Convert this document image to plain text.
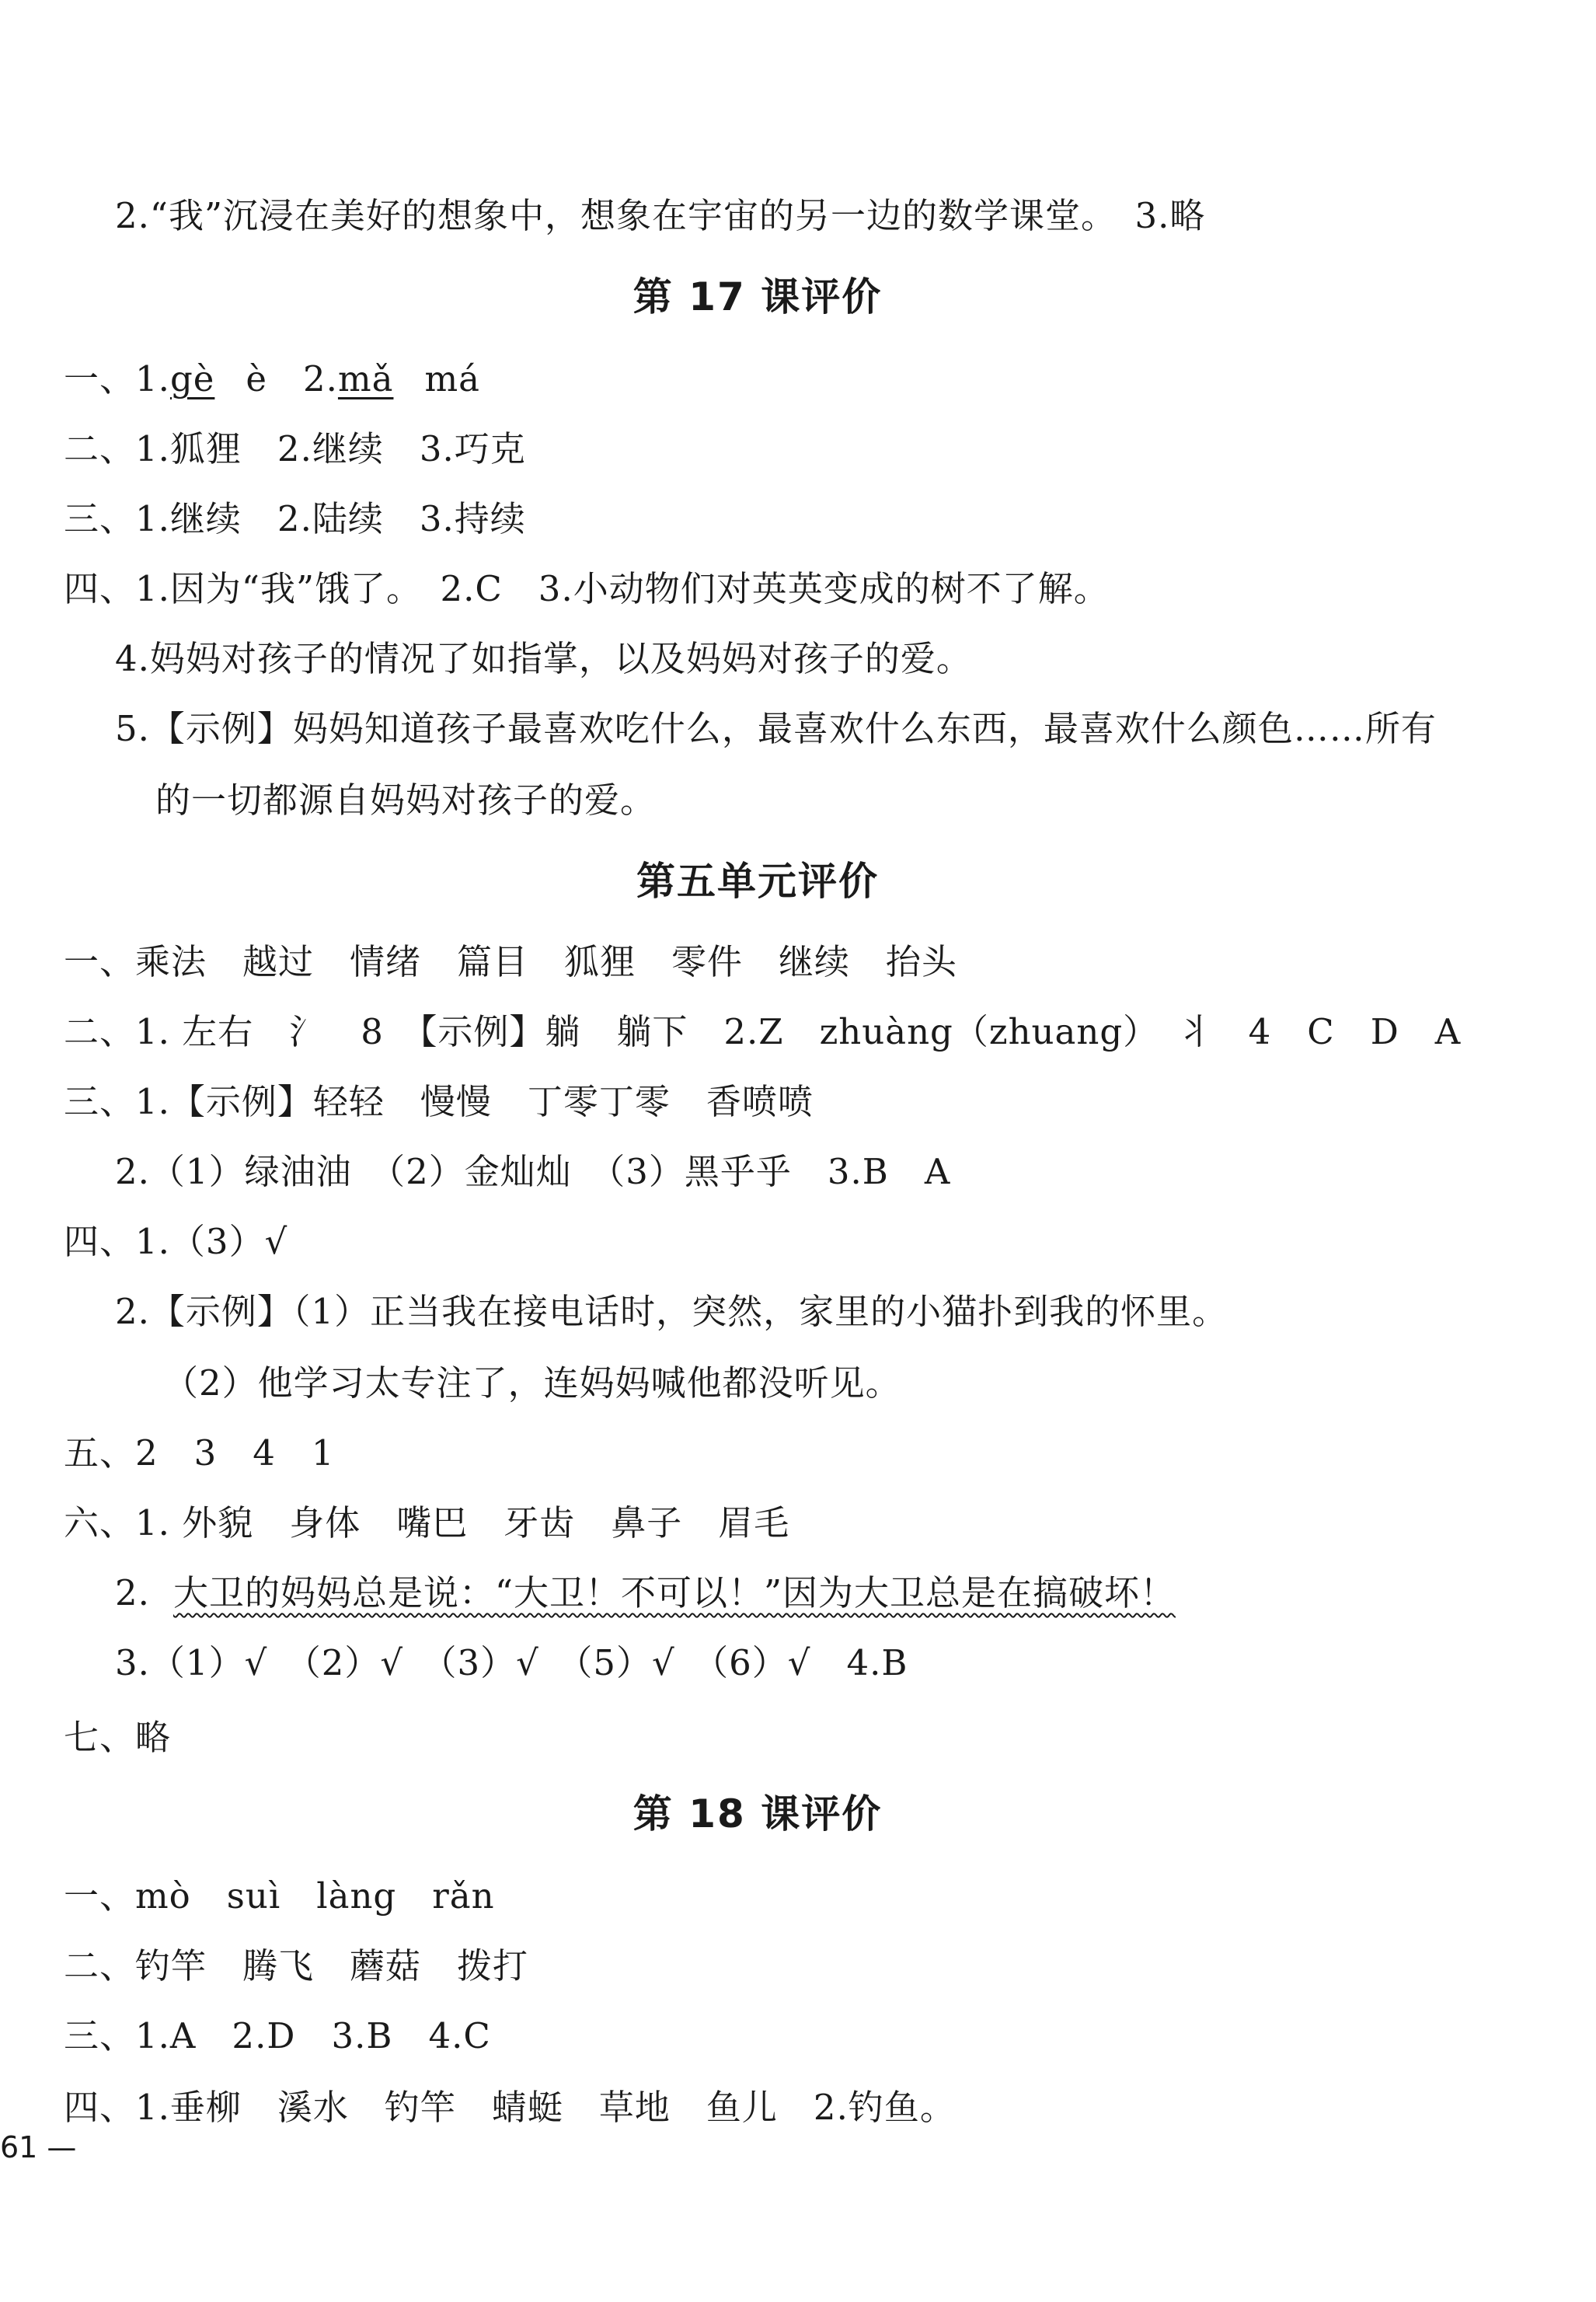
2.“我”沉浸在美好的想象中，想象在宇宙的另一边的数学课堂。　3.略
第 17 课评价
一、1.gè è　2.mǎ má
二、1.狐狸　2.继续　3.巧克
三、1.继续　2.陆续　3.持续
四、1.因为“我”饿了。　2.C　3.小动物们对英英变成的树不了解。
4.妈妈对孩子的情况了如指掌，以及妈妈对孩子的爱。
5.【示例】妈妈知道孩子最喜欢吃什么，最喜欢什么东西，最喜欢什么颜色……所有
的一切都源自妈妈对孩子的爱。
第五单元评价
一、乘法　越过　情绪　篇目　狐狸　零件　继续　抬头
二、1. 左右　氵　8　【示例】躺　躺下　2.Z　zhuàng（zhuang）　丬　4　C　D　A
三、1.【示例】轻轻　慢慢　丁零丁零　香喷喷
2.（1）绿油油　（2）金灿灿　（3）黑乎乎　3.B　A
四、1.（3）√
2.【示例】（1）正当我在接电话时，突然，家里的小猫扑到我的怀里。
（2）他学习太专注了，连妈妈喊他都没听见。
五、2　3　4　1
六、1. 外貌　身体　嘴巴　牙齿　鼻子　眉毛
2. 大卫的妈妈总是说：“大卫！不可以！”因为大卫总是在搞破坏！
3.（1）√　（2）√　（3）√　（5）√　（6）√　4.B
七、略
第 18 课评价
一、mò　suì　làng　rǎn
二、钓竿　腾飞　蘑菇　拨打
三、1.A　2.D　3.B　4.C
四、1.垂柳　溪水　钓竿　蜻蜓　草地　鱼儿　2.钓鱼。
61 —
